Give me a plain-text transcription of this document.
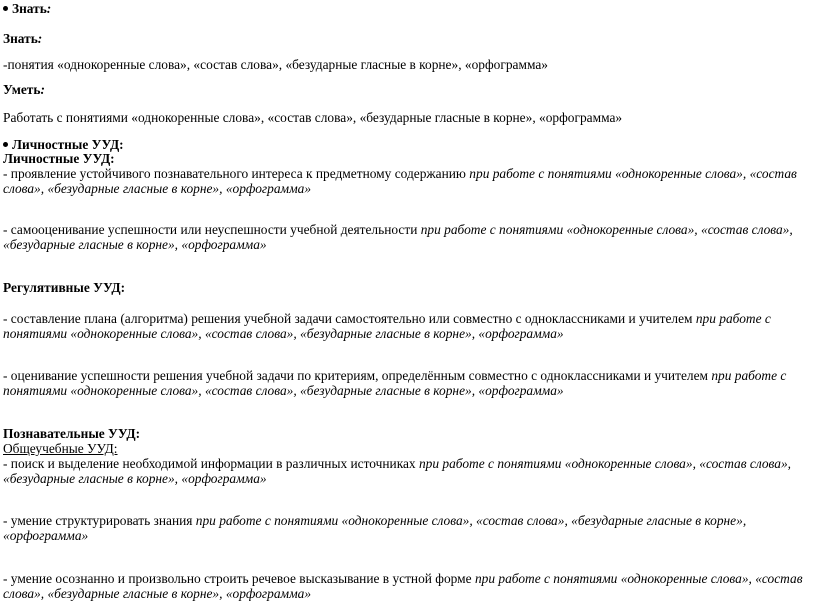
Знать:
Знать:
-понятия «однокоренные слова», «состав слова», «безударные гласные в корне», «орфограмма»
Уметь:
Работать с понятиями «однокоренные слова», «состав слова», «безударные гласные в корне», «орфограмма»
Личностные УУД:
Личностные УУД:
- проявление устойчивого познавательного интереса к предметному содержанию при работе с понятиями «однокоренные слова», «состав
слова», «безударные гласные в корне», «орфограмма»
- самооценивание успешности или неуспешности учебной деятельности при работе с понятиями «однокоренные слова», «состав слова»,
«безударные гласные в корне», «орфограмма»
Регулятивные УУД:
- составление плана (алгоритма) решения учебной задачи самостоятельно или совместно с одноклассниками и учителем при работе с
понятиями «однокоренные слова», «состав слова», «безударные гласные в корне», «орфограмма»
- оценивание успешности решения учебной задачи по критериям, определённым совместно с одноклассниками и учителем при работе с
понятиями «однокоренные слова», «состав слова», «безударные гласные в корне», «орфограмма»
Познавательные УУД:
Общеучебные УУД:
- поиск и выделение необходимой информации в различных источниках при работе с понятиями «однокоренные слова», «состав слова»,
«безударные гласные в корне», «орфограмма»
- умение структурировать знания при работе с понятиями «однокоренные слова», «состав слова», «безударные гласные в корне»,
«орфограмма»
- умение осознанно и произвольно строить речевое высказывание в устной форме при работе с понятиями «однокоренные слова», «состав
слова», «безударные гласные в корне», «орфограмма»
